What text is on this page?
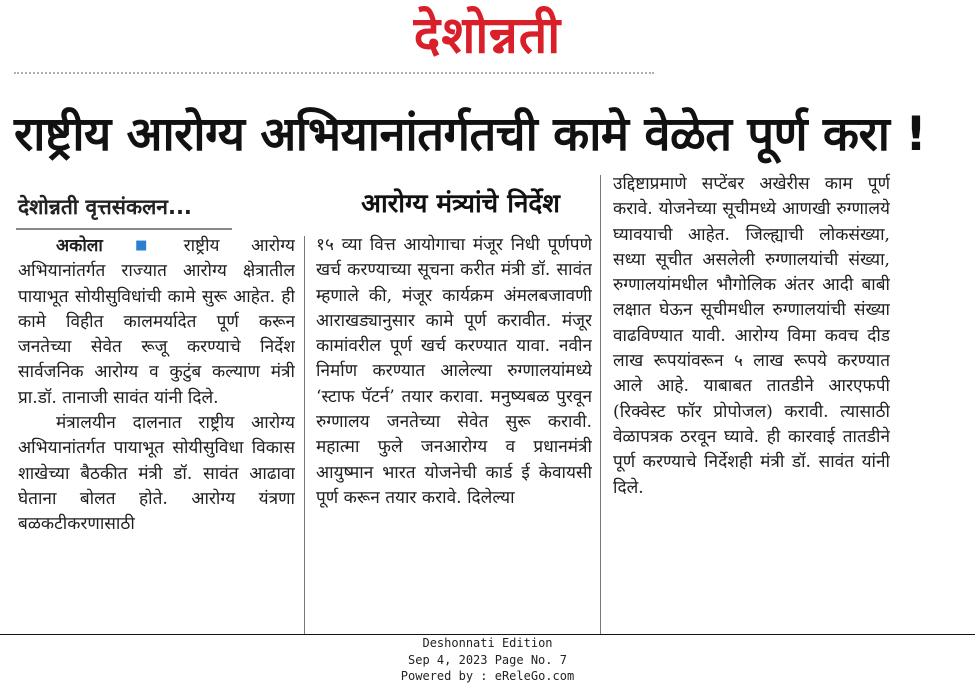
देशोन्नती
राष्ट्रीय आरोग्य अभियानांतर्गतची कामे वेळेत पूर्ण करा !
देशोन्नती वृत्तसंकलन...	आरोग्य मंत्र्यांचे निर्देश

अकोला ■ राष्ट्रीय आरोग्य अभियानांतर्गत राज्यात आरोग्य क्षेत्रातील पायाभूत सोयीसुविधांची कामे सुरू आहेत. ही कामे विहीत कालमर्यादेत पूर्ण करून जनतेच्या सेवेत रूजू करण्याचे निर्देश सार्वजनिक आरोग्य व कुटुंब कल्याण मंत्री प्रा.डॉ. तानाजी सावंत यांनी दिले.

मंत्रालयीन दालनात राष्ट्रीय आरोग्य अभियानांतर्गत पायाभूत सोयीसुविधा विकास शाखेच्या बैठकीत मंत्री डॉ. सावंत आढावा घेताना बोलत होते. आरोग्य यंत्रणा बळकटीकरणासाठी

१५ व्या वित्त आयोगाचा मंजूर निधी पूर्णपणे खर्च करण्याच्या सूचना करीत मंत्री डॉ. सावंत म्हणाले की, मंजूर कार्यक्रम अंमलबजावणी आराखड्यानुसार कामे पूर्ण करावीत. मंजूर कामांवरील पूर्ण खर्च करण्यात यावा. नवीन निर्माण करण्यात आलेल्या रुग्णालयांमध्ये ‘स्टाफ पॅटर्न’ तयार करावा. मनुष्यबळ पुरवून रुग्णालय जनतेच्या सेवेत सुरू करावी. महात्मा फुले जनआरोग्य व प्रधानमंत्री आयुष्मान भारत योजनेची कार्ड ई केवायसी पूर्ण करून तयार करावे. दिलेल्या

उद्दिष्टाप्रमाणे सप्टेंबर अखेरीस काम पूर्ण करावे. योजनेच्या सूचीमध्ये आणखी रुग्णालये घ्यावयाची आहेत. जिल्ह्याची लोकसंख्या, सध्या सूचीत असलेली रुग्णालयांची संख्या, रुग्णालयांमधील भौगोलिक अंतर आदी बाबी लक्षात घेऊन सूचीमधील रुग्णालयांची संख्या वाढविण्यात यावी. आरोग्य विमा कवच दीड लाख रूपयांवरून ५ लाख रूपये करण्यात आले आहे. याबाबत तातडीने आरएफपी (रिक्वेस्ट फॉर प्रोपोजल) करावी. त्यासाठी वेळापत्रक ठरवून घ्यावे. ही कारवाई तातडीने पूर्ण करण्याचे निर्देशही मंत्री डॉ. सावंत यांनी दिले.

Deshonnati Edition
Sep 4, 2023 Page No. 7
Powered by : eReleGo.com
